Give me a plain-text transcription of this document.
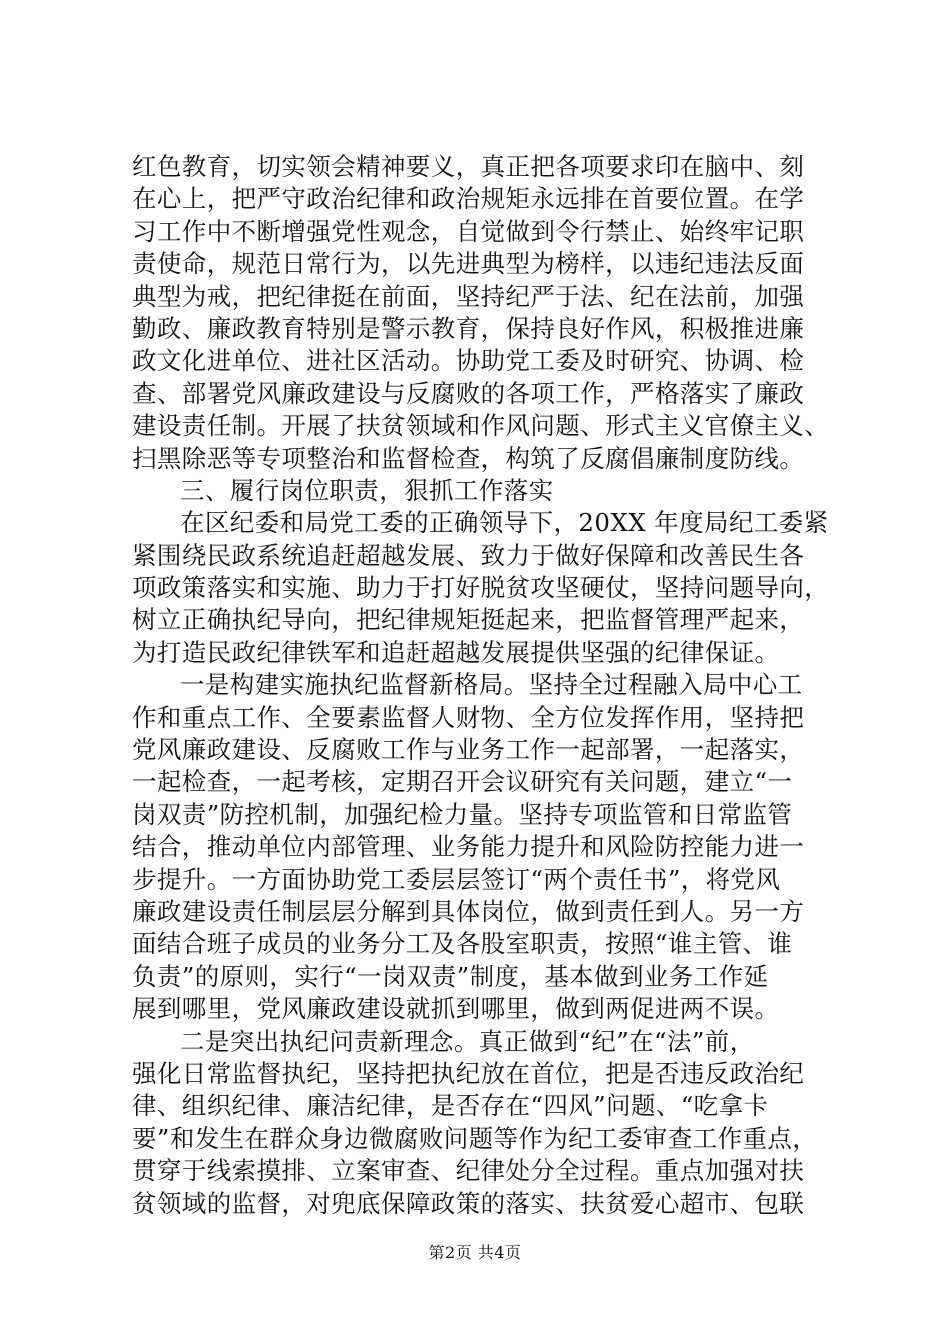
红色教育，切实领会精神要义，真正把各项要求印在脑中、刻
在心上，把严守政治纪律和政治规矩永远排在首要位置。在学
习工作中不断增强党性观念，自觉做到令行禁止、始终牢记职
责使命，规范日常行为，以先进典型为榜样，以违纪违法反面
典型为戒，把纪律挺在前面，坚持纪严于法、纪在法前，加强
勤政、廉政教育特别是警示教育，保持良好作风，积极推进廉
政文化进单位、进社区活动。协助党工委及时研究、协调、检
查、部署党风廉政建设与反腐败的各项工作，严格落实了廉政
建设责任制。开展了扶贫领域和作风问题、形式主义官僚主义、
扫黑除恶等专项整治和监督检查，构筑了反腐倡廉制度防线。
三、履行岗位职责，狠抓工作落实
在区纪委和局党工委的正确领导下，20XX 年度局纪工委紧
紧围绕民政系统追赶超越发展、致力于做好保障和改善民生各
项政策落实和实施、助力于打好脱贫攻坚硬仗，坚持问题导向，
树立正确执纪导向，把纪律规矩挺起来，把监督管理严起来，
为打造民政纪律铁军和追赶超越发展提供坚强的纪律保证。
一是构建实施执纪监督新格局。坚持全过程融入局中心工
作和重点工作、全要素监督人财物、全方位发挥作用，坚持把
党风廉政建设、反腐败工作与业务工作一起部署，一起落实，
一起检查，一起考核，定期召开会议研究有关问题，建立“一
岗双责”防控机制，加强纪检力量。坚持专项监管和日常监管
结合，推动单位内部管理、业务能力提升和风险防控能力进一
步提升。一方面协助党工委层层签订“两个责任书”，将党风
廉政建设责任制层层分解到具体岗位，做到责任到人。另一方
面结合班子成员的业务分工及各股室职责，按照“谁主管、谁
负责”的原则，实行“一岗双责”制度，基本做到业务工作延
展到哪里，党风廉政建设就抓到哪里，做到两促进两不误。
二是突出执纪问责新理念。真正做到“纪”在“法”前，
强化日常监督执纪，坚持把执纪放在首位，把是否违反政治纪
律、组织纪律、廉洁纪律，是否存在“四风”问题、“吃拿卡
要”和发生在群众身边微腐败问题等作为纪工委审查工作重点，
贯穿于线索摸排、立案审查、纪律处分全过程。重点加强对扶
贫领域的监督，对兜底保障政策的落实、扶贫爱心超市、包联
第2页 共4页
